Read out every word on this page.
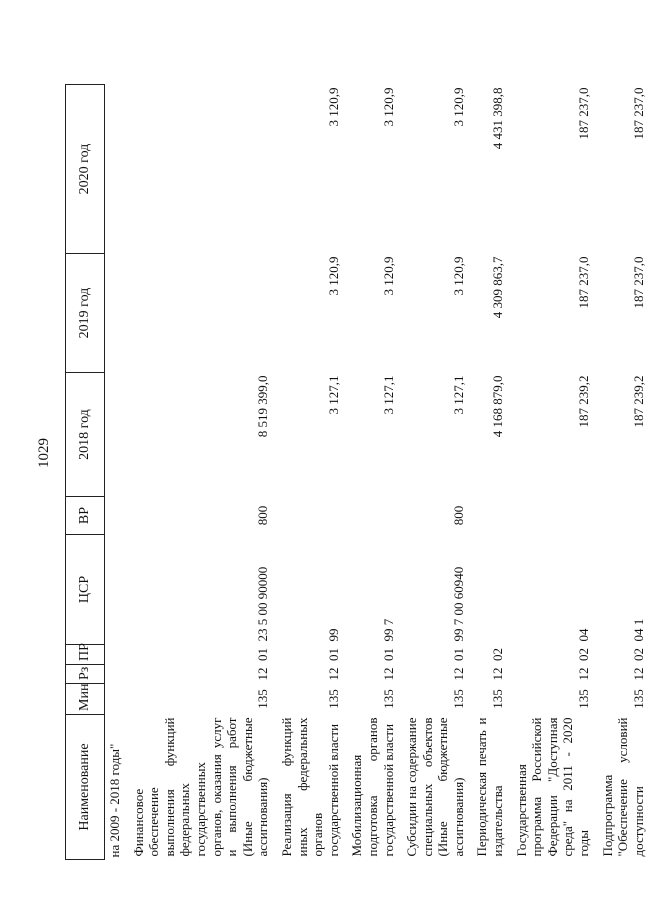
1029
Наименование	Мин	Рз	ПР	ЦСР	ВР	2018 год	2019 год	2020 год
на 2009 - 2018 годы"								
Финансовое обеспечение выполнения функций федеральных государственных органов, оказания услуг и выполнения работ (Иные бюджетные ассигнования)	135	12	01	23 5 00 90000	800	8 519 399,0		
Реализация функций иных федеральных органов государственной власти	135	12	01	99		3 127,1	3 120,9	3 120,9
Мобилизационная подготовка органов государственной власти	135	12	01	99 7		3 127,1	3 120,9	3 120,9
Субсидии на содержание специальных объектов (Иные бюджетные ассигнования)	135	12	01	99 7 00 60940	800	3 127,1	3 120,9	3 120,9
Периодическая печать и издательства	135	12	02			4 168 879,0	4 309 863,7	4 431 398,8
Государственная программа Российской Федерации "Доступная среда" на 2011 - 2020 годы	135	12	02	04		187 239,2	187 237,0	187 237,0
Подпрограмма "Обеспечение условий доступности	135	12	02	04 1		187 239,2	187 237,0	187 237,0
